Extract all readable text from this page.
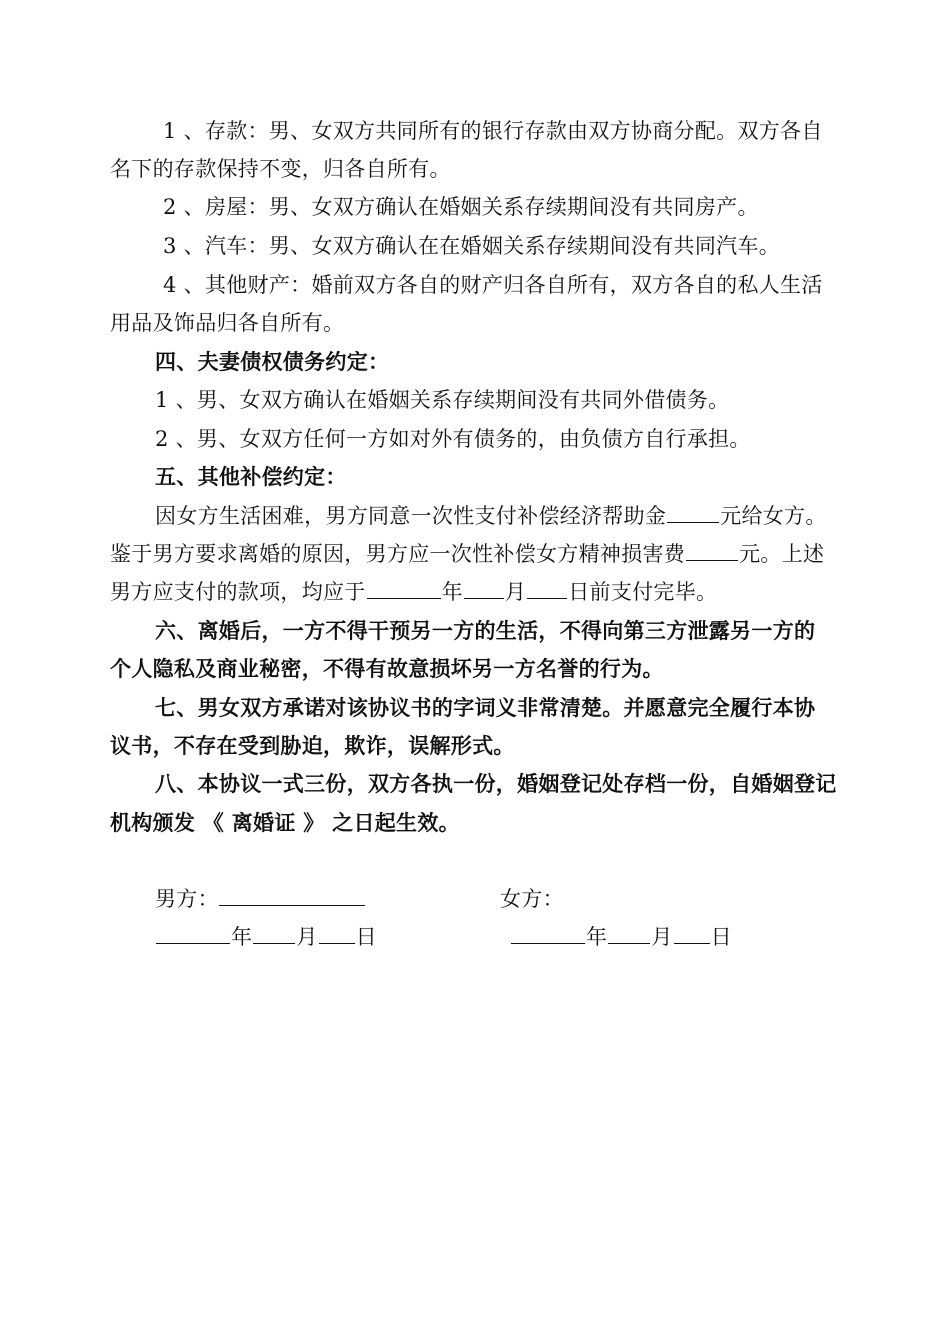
1 、存款：男、女双方共同所有的银行存款由双方协商分配。双方各自
名下的存款保持不变，归各自所有。
2 、房屋：男、女双方确认在婚姻关系存续期间没有共同房产。
3 、汽车：男、女双方确认在在婚姻关系存续期间没有共同汽车。
4 、其他财产：婚前双方各自的财产归各自所有，双方各自的私人生活
用品及饰品归各自所有。
四、夫妻债权债务约定：
1 、男、女双方确认在婚姻关系存续期间没有共同外借债务。
2 、男、女双方任何一方如对外有债务的，由负债方自行承担。
五、其他补偿约定：
因女方生活困难，男方同意一次性支付补偿经济帮助金	元给女方。
鉴于男方要求离婚的原因，男方应一次性补偿女方精神损害费	元。上述
男方应支付的款项，均应于	年 月 日前支付完毕。
六、离婚后，一方不得干预另一方的生活，不得向第三方泄露另一方的
个人隐私及商业秘密，不得有故意损坏另一方名誉的行为。
七、男女双方承诺对该协议书的字词义非常清楚。并愿意完全履行本协
议书，不存在受到胁迫，欺诈，误解形式。
八、本协议一式三份，双方各执一份，婚姻登记处存档一份，自婚姻登记
机构颁发 《 离婚证 》 之日起生效。
男方：	女方：
年 月 日	年 月 日
